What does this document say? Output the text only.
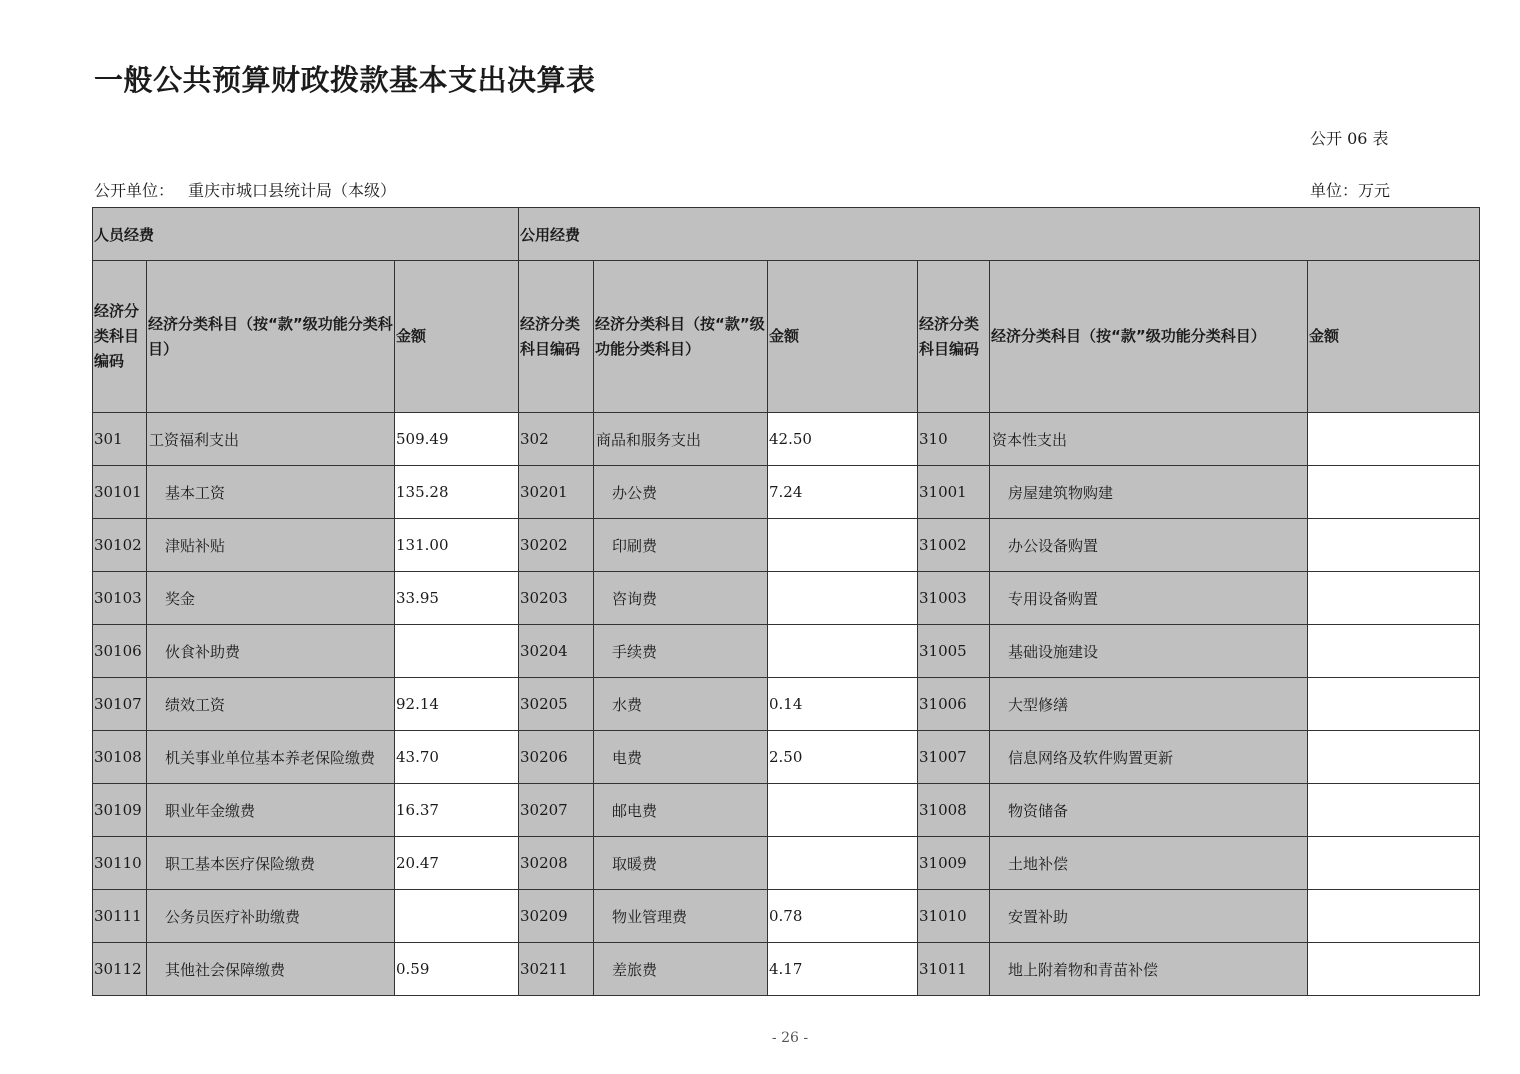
一般公共预算财政拨款基本支出决算表
公开 06 表
公开单位： 重庆市城口县统计局（本级）	单位：万元
人员经费			公用经费					
经济分类科目编码	经济分类科目（按“款”级功能分类科目）	金额	经济分类科目编码	经济分类科目（按“款”级功能分类科目）	金额	经济分类科目编码	经济分类科目（按“款”级功能分类科目）	金额
301	工资福利支出	509.49	302	商品和服务支出	42.50	310	资本性支出	
30101	基本工资	135.28	30201	办公费	7.24	31001	房屋建筑物购建	
30102	津贴补贴	131.00	30202	印刷费		31002	办公设备购置	
30103	奖金	33.95	30203	咨询费		31003	专用设备购置	
30106	伙食补助费		30204	手续费		31005	基础设施建设	
30107	绩效工资	92.14	30205	水费	0.14	31006	大型修缮	
30108	机关事业单位基本养老保险缴费	43.70	30206	电费	2.50	31007	信息网络及软件购置更新	
30109	职业年金缴费	16.37	30207	邮电费		31008	物资储备	
30110	职工基本医疗保险缴费	20.47	30208	取暖费		31009	土地补偿	
30111	公务员医疗补助缴费		30209	物业管理费	0.78	31010	安置补助	
30112	其他社会保障缴费	0.59	30211	差旅费	4.17	31011	地上附着物和青苗补偿	
- 26 -
